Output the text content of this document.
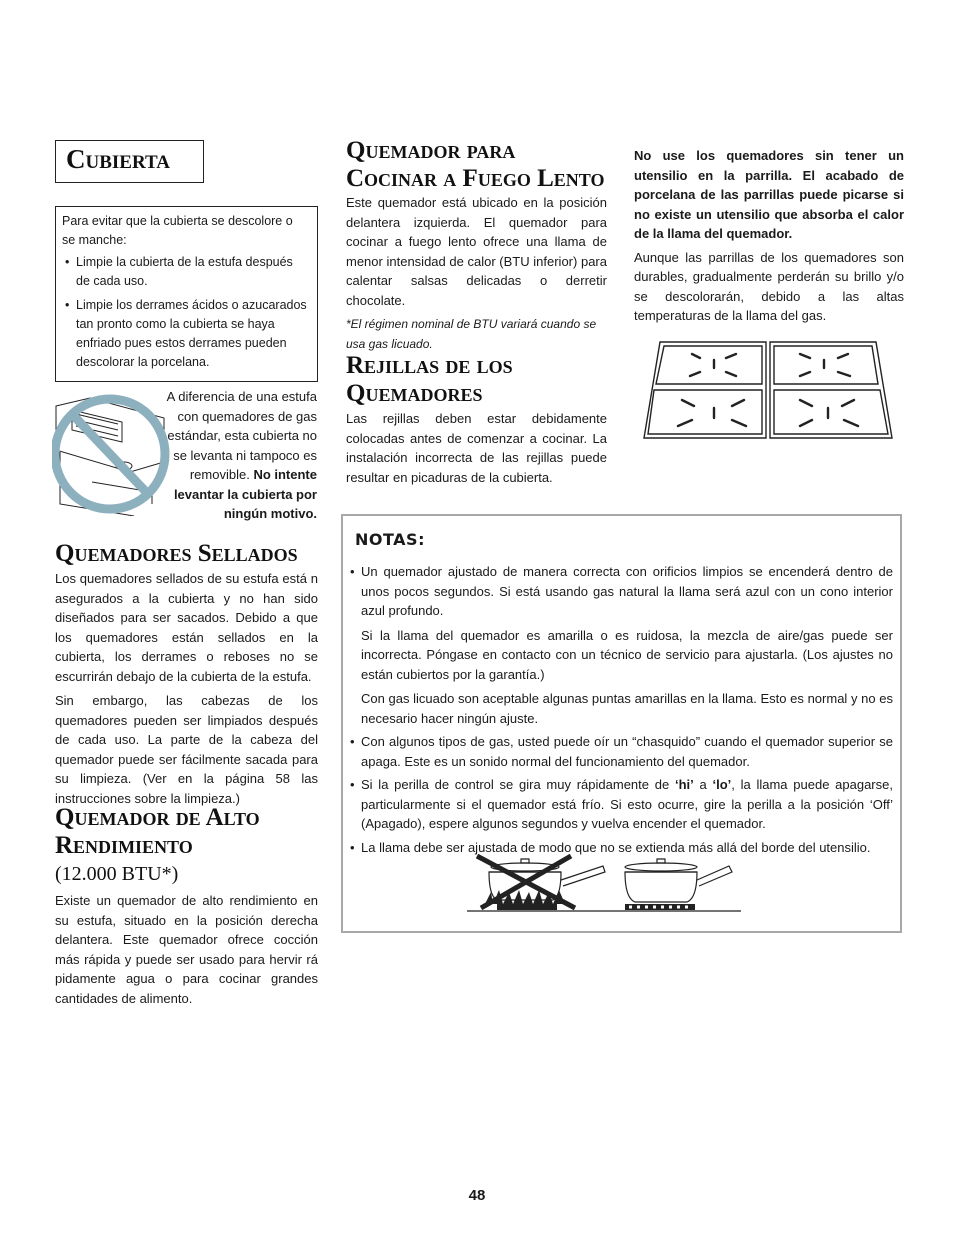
Cubierta

Para evitar que la cubierta se descolore o se manche:

• Limpie la cubierta de la estufa después de cada uso.
• Limpie los derrames ácidos o azucarados tan pronto como la cubierta se haya enfriado pues estos derrames pueden descolorar la porcelana.
A diferencia de una estufa con quemadores de gas estándar, esta cubierta no se levanta ni tampoco es removible. No intente levantar la cubierta por ningún motivo.
Quemadores Sellados

Los quemadores sellados de su estufa está n asegurados a la cubierta y no han sido diseñados para ser sacados. Debido a que los quemadores están sellados en la cubierta, los derrames o reboses no se escurrirán debajo de la cubierta de la estufa.

Sin embargo, las cabezas de los quemadores pueden ser limpiados después de cada uso. La parte de la cabeza del quemador puede ser fácilmente sacada para su limpieza. (Ver en la página 58 las instrucciones sobre la limpieza.)

Quemador de Alto
Rendimiento
(12.000 BTU*)

Existe un quemador de alto rendimiento en su estufa, situado en la posición derecha delantera. Este quemador ofrece cocción más rápida y puede ser usado para hervir rá pidamente agua o para cocinar grandes cantidades de alimento.

Quemador para
Cocinar a Fuego Lento

Este quemador está ubicado en la posición delantera izquierda. El quemador para cocinar a fuego lento ofrece una llama de menor intensidad de calor (BTU inferior) para calentar salsas delicadas o derretir chocolate.

*El régimen nominal de BTU variará cuando se usa gas licuado.

Rejillas de los
Quemadores

Las rejillas deben estar debidamente colocadas antes de comenzar a cocinar. La instalación incorrecta de las rejillas puede resultar en picaduras de la cubierta.

No use los quemadores sin tener un utensilio en la parrilla. El acabado de porcelana de las parrillas puede picarse si no existe un utensilio que absorba el calor de la llama del quemador.

Aunque las parrillas de los quemadores son durables, gradualmente perderán su brillo y/o se descolorarán, debido a las altas temperaturas de la llama del gas.

NOTAS:
• Un quemador ajustado de manera correcta con orificios limpios se encenderá dentro de unos pocos segundos. Si está usando gas natural la llama será azul con un cono interior azul profundo.
Si la llama del quemador es amarilla o es ruidosa, la mezcla de aire/gas puede ser incorrecta. Póngase en contacto con un técnico de servicio para ajustarla. (Los ajustes no están cubiertos por la garantía.)
Con gas licuado son aceptable algunas puntas amarillas en la llama. Esto es normal y no es necesario hacer ningún ajuste.
• Con algunos tipos de gas, usted puede oír un “chasquido” cuando el quemador superior se apaga. Este es un sonido normal del funcionamiento del quemador.
• Si la perilla de control se gira muy rápidamente de ‘hi’ a ‘lo’, la llama puede apagarse, particularmente si el quemador está frío. Si esto ocurre, gire la perilla a la posición ‘Off’ (Apagado), espere algunos segundos y vuelva encender el quemador.
• La llama debe ser ajustada de modo que no se extienda más allá del borde del utensilio.
48
